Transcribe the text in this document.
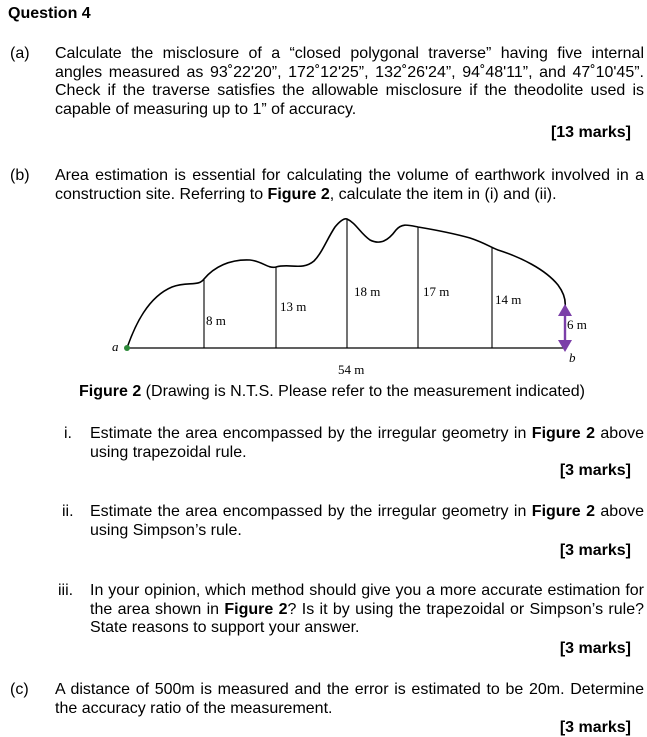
Question 4
(a) Calculate the misclosure of a “closed polygonal traverse” having five internal angles measured as 93˚22'20”, 172˚12'25”, 132˚26'24”, 94˚48'11”, and 47˚10'45”. Check if the traverse satisfies the allowable misclosure if the theodolite used is capable of measuring up to 1” of accuracy.
[13 marks]
(b) Area estimation is essential for calculating the volume of earthwork involved in a construction site. Referring to Figure 2, calculate the item in (i) and (ii).
a
b
8 m
13 m
18 m	17 m
14 m
6 m
54 m
Figure 2 (Drawing is N.T.S. Please refer to the measurement indicated)
i. Estimate the area encompassed by the irregular geometry in Figure 2 above using trapezoidal rule.
[3 marks]
ii. Estimate the area encompassed by the irregular geometry in Figure 2 above using Simpson’s rule.
[3 marks]
iii. In your opinion, which method should give you a more accurate estimation for the area shown in Figure 2? Is it by using the trapezoidal or Simpson’s rule? State reasons to support your answer.
[3 marks]
(c) A distance of 500m is measured and the error is estimated to be 20m. Determine the accuracy ratio of the measurement.
[3 marks]
